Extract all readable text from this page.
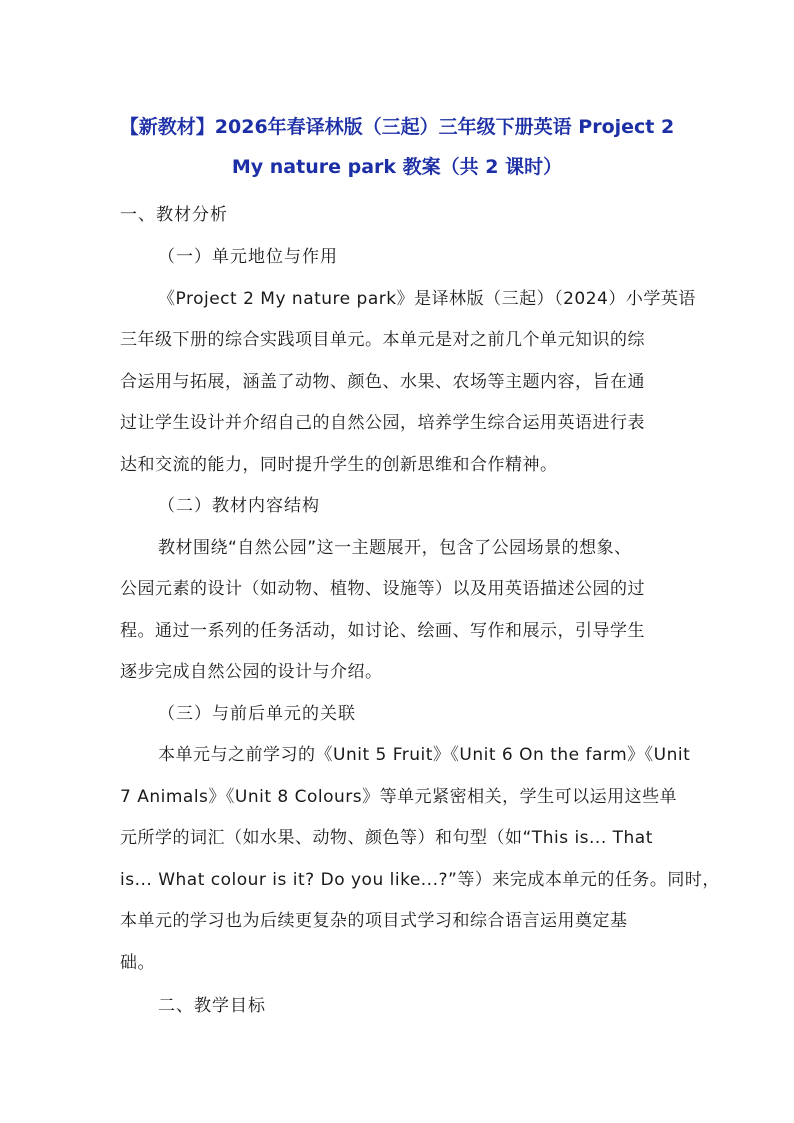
【新教材】2026年春译林版（三起）三年级下册英语 Project 2
My nature park 教案（共 2 课时）
一、教材分析
（一）单元地位与作用
《Project 2 My nature park》是译林版（三起）（2024）小学英语
三年级下册的综合实践项目单元。本单元是对之前几个单元知识的综
合运用与拓展，涵盖了动物、颜色、水果、农场等主题内容，旨在通
过让学生设计并介绍自己的自然公园，培养学生综合运用英语进行表
达和交流的能力，同时提升学生的创新思维和合作精神。
（二）教材内容结构
教材围绕“自然公园”这一主题展开，包含了公园场景的想象、
公园元素的设计（如动物、植物、设施等）以及用英语描述公园的过
程。通过一系列的任务活动，如讨论、绘画、写作和展示，引导学生
逐步完成自然公园的设计与介绍。
（三）与前后单元的关联
本单元与之前学习的《Unit 5 Fruit》《Unit 6 On the farm》《Unit
7 Animals》《Unit 8 Colours》等单元紧密相关，学生可以运用这些单
元所学的词汇（如水果、动物、颜色等）和句型（如“This is... That
is... What colour is it? Do you like...?”等）来完成本单元的任务。同时，
本单元的学习也为后续更复杂的项目式学习和综合语言运用奠定基
础。
二、教学目标
